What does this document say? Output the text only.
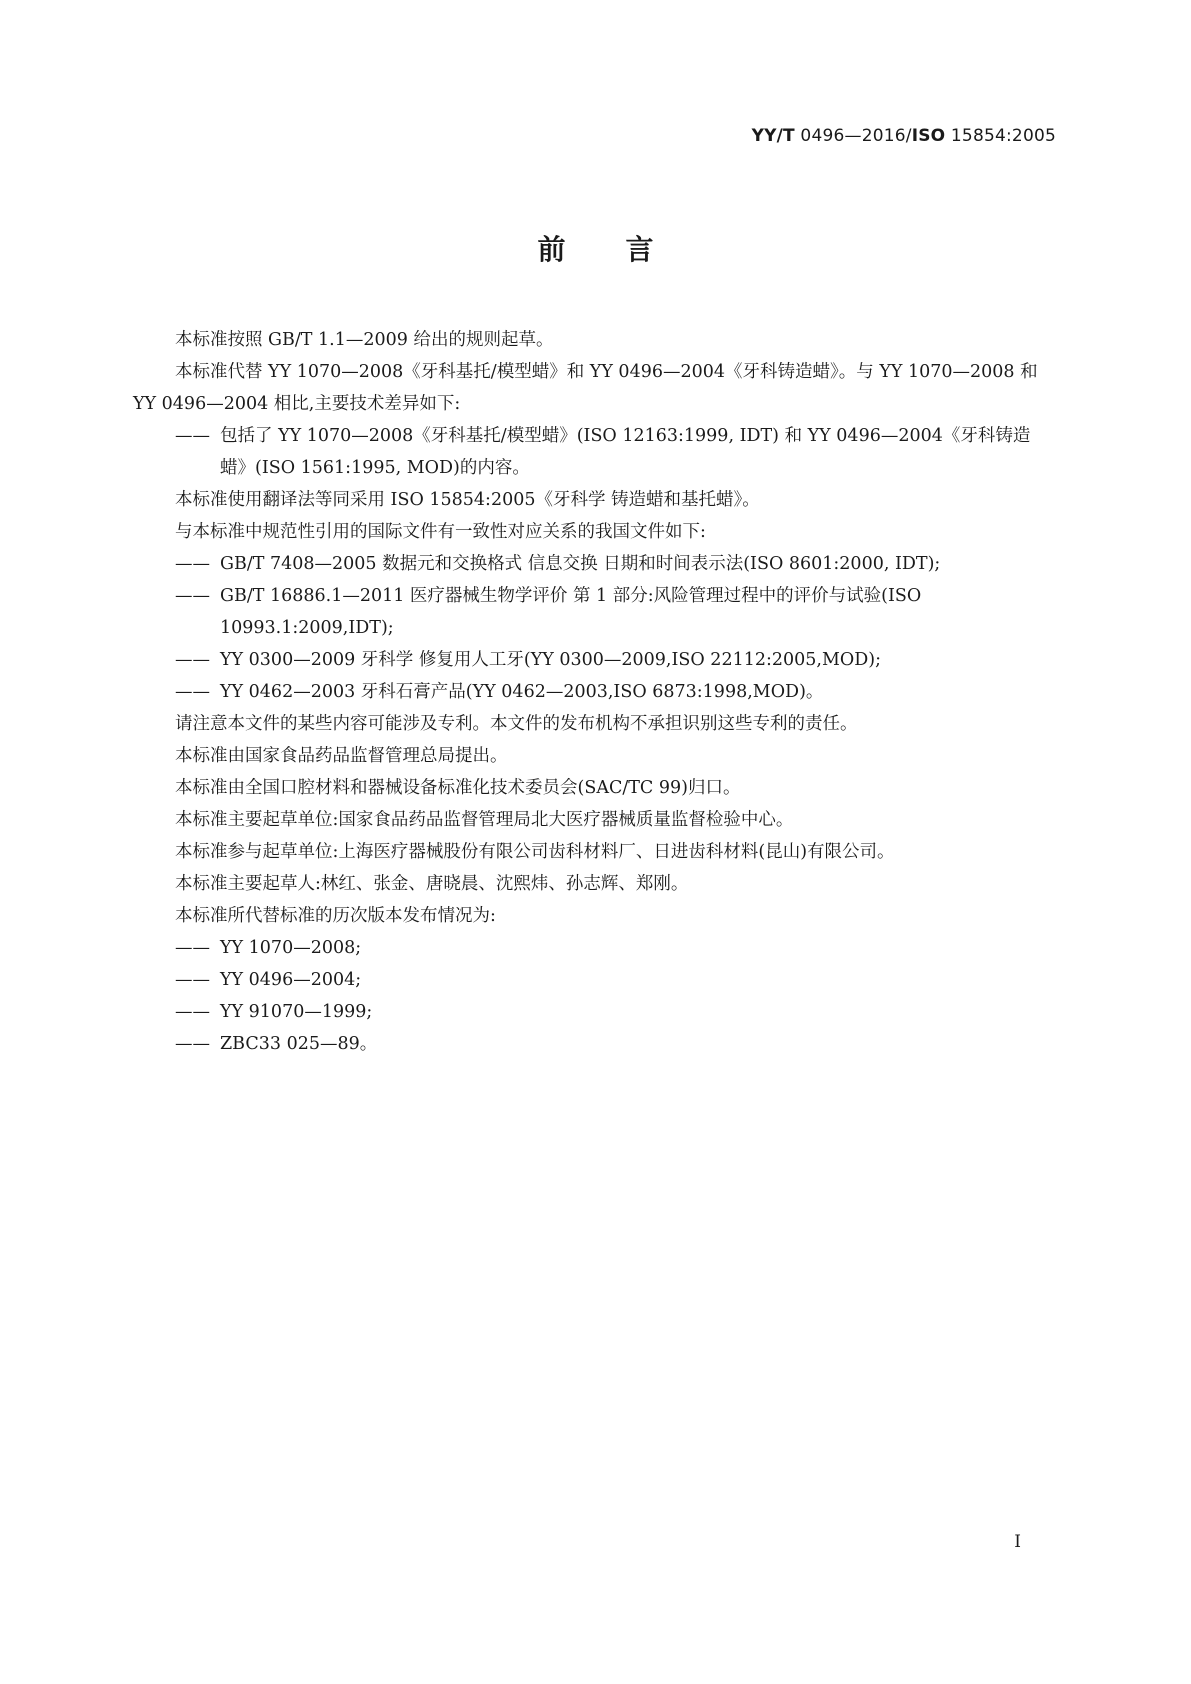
YY/T 0496—2016/ISO 15854:2005
前言

本标准按照 GB/T 1.1—2009 给出的规则起草。

本标准代替 YY 1070—2008《牙科基托/模型蜡》和 YY 0496—2004《牙科铸造蜡》。与 YY 1070—2008 和 YY 0496—2004 相比,主要技术差异如下:

—— 包括了 YY 1070—2008《牙科基托/模型蜡》(ISO 12163:1999, IDT) 和 YY 0496—2004《牙科铸造蜡》(ISO 1561:1995, MOD)的内容。

本标准使用翻译法等同采用 ISO 15854:2005《牙科学 铸造蜡和基托蜡》。

与本标准中规范性引用的国际文件有一致性对应关系的我国文件如下:

—— GB/T 7408—2005 数据元和交换格式 信息交换 日期和时间表示法(ISO 8601:2000, IDT);

—— GB/T 16886.1—2011 医疗器械生物学评价 第 1 部分:风险管理过程中的评价与试验(ISO 10993.1:2009,IDT);

—— YY 0300—2009 牙科学 修复用人工牙(YY 0300—2009,ISO 22112:2005,MOD);

—— YY 0462—2003 牙科石膏产品(YY 0462—2003,ISO 6873:1998,MOD)。

请注意本文件的某些内容可能涉及专利。本文件的发布机构不承担识别这些专利的责任。

本标准由国家食品药品监督管理总局提出。

本标准由全国口腔材料和器械设备标准化技术委员会(SAC/TC 99)归口。

本标准主要起草单位:国家食品药品监督管理局北大医疗器械质量监督检验中心。

本标准参与起草单位:上海医疗器械股份有限公司齿科材料厂、日进齿科材料(昆山)有限公司。

本标准主要起草人:林红、张金、唐晓晨、沈熙炜、孙志辉、郑刚。

本标准所代替标准的历次版本发布情况为:

—— YY 1070—2008;

—— YY 0496—2004;

—— YY 91070—1999;

—— ZBC33 025—89。

I
